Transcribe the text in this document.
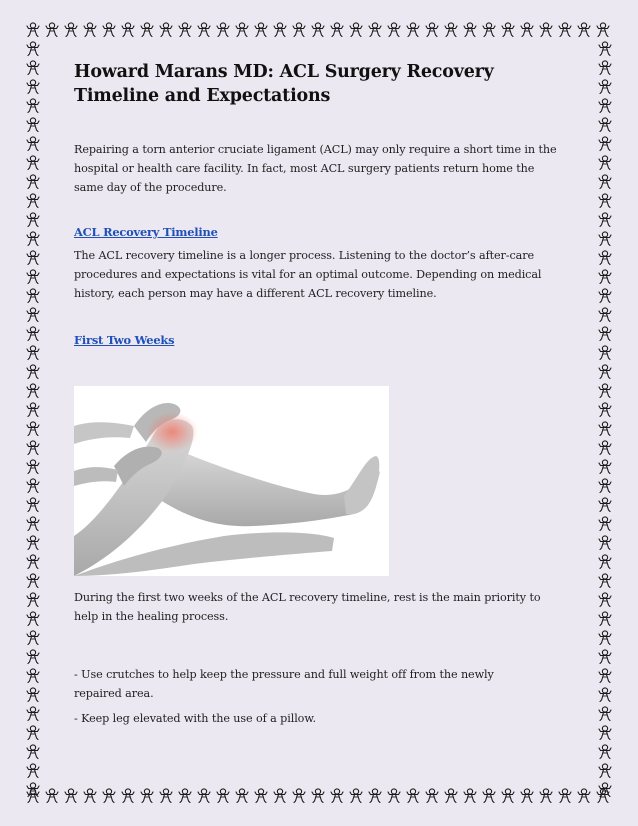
Howard Marans MD: ACL Surgery Recovery Timeline and Expectations

Repairing a torn anterior cruciate ligament (ACL) may only require a short time in the hospital or health care facility. In fact, most ACL surgery patients return home the same day of the procedure.

ACL Recovery Timeline

The ACL recovery timeline is a longer process. Listening to the doctor’s after-care procedures and expectations is vital for an optimal outcome. Depending on medical history, each person may have a different ACL recovery timeline.

First Two Weeks

During the first two weeks of the ACL recovery timeline, rest is the main priority to help in the healing process.

- Use crutches to help keep the pressure and full weight off from the newly repaired area.

- Keep leg elevated with the use of a pillow.
